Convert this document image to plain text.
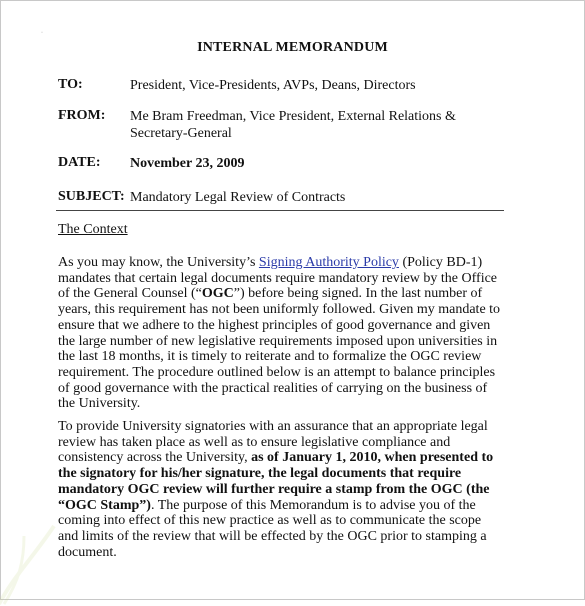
·
INTERNAL MEMORANDUM
TO:	President, Vice-Presidents, AVPs, Deans, Directors
FROM: Me Bram Freedman, Vice President, External Relations & Secretary-General
DATE: November 23, 2009
SUBJECT: Mandatory Legal Review of Contracts
The Context

As you may know, the University’s Signing Authority Policy (Policy BD-1) mandates that certain legal documents require mandatory review by the Office of the General Counsel (“OGC”) before being signed. In the last number of years, this requirement has not been uniformly followed. Given my mandate to ensure that we adhere to the highest principles of good governance and given the large number of new legislative requirements imposed upon universities in the last 18 months, it is timely to reiterate and to formalize the OGC review requirement. The procedure outlined below is an attempt to balance principles of good governance with the practical realities of carrying on the business of the University.

To provide University signatories with an assurance that an appropriate legal review has taken place as well as to ensure legislative compliance and consistency across the University, as of January 1, 2010, when presented to the signatory for his/her signature, the legal documents that require mandatory OGC review will further require a stamp from the OGC (the “OGC Stamp”). The purpose of this Memorandum is to advise you of the coming into effect of this new practice as well as to communicate the scope and limits of the review that will be effected by the OGC prior to stamping a document.
